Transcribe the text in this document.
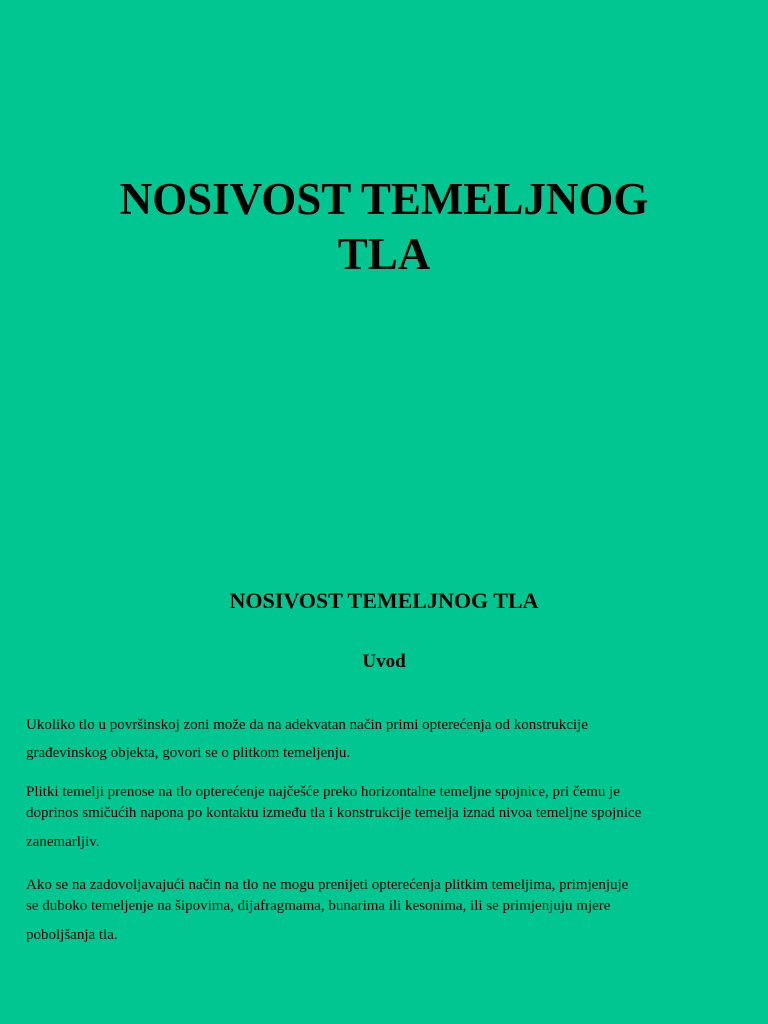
NOSIVOST TEMELJNOG
TLA
NOSIVOST TEMELJNOG TLA
Uvod

Ukoliko tlo u površinskoj zoni može da na adekvatan način primi opterećenja od konstrukcije
građevinskog objekta, govori se o plitkom temeljenju.

Plitki temelji prenose na tlo opterećenje najčešće preko horizontalne temeljne spojnice, pri čemu je
doprinos smičućih napona po kontaktu između tla i konstrukcije temelja iznad nivoa temeljne spojnice
zanemarljiv.

Ako se na zadovoljavajući način na tlo ne mogu prenijeti opterećenja plitkim temeljima, primjenjuje
se duboko temeljenje na šipovima, dijafragmama, bunarima ili kesonima, ili se primjenjuju mjere
poboljšanja tla.
